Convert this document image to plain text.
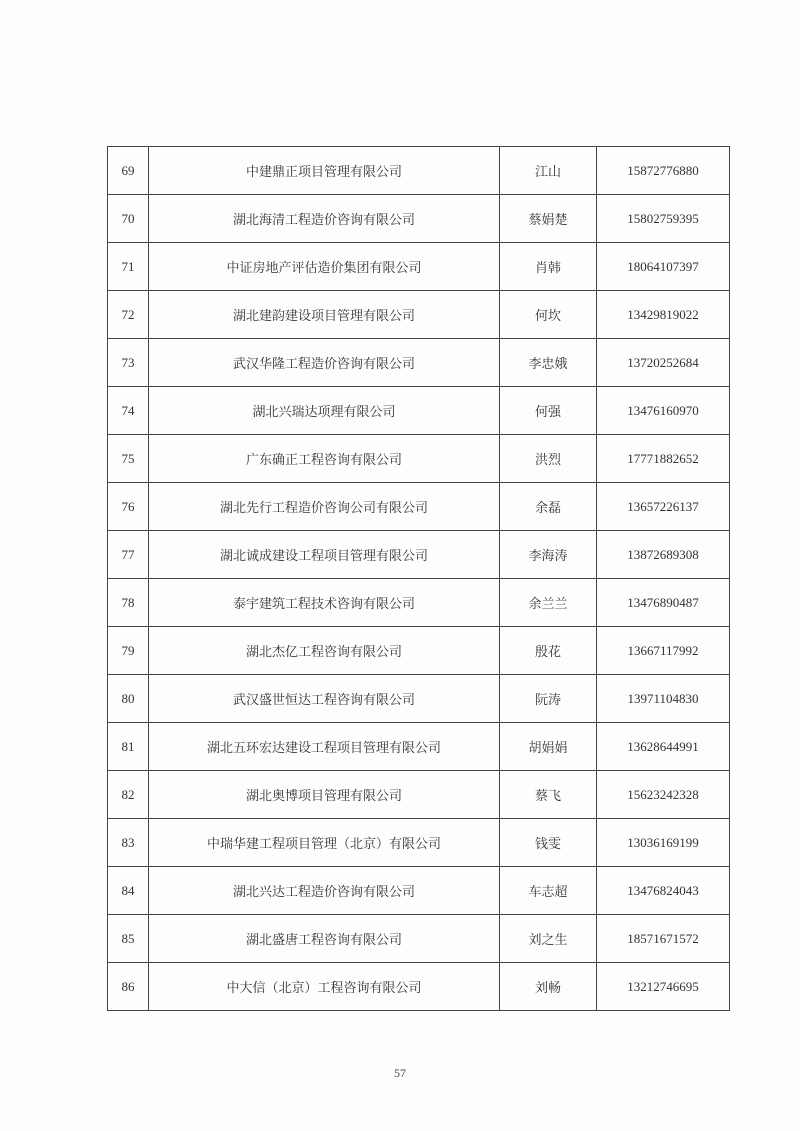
69	中建鼎正项目管理有限公司	江山	15872776880
70	湖北海清工程造价咨询有限公司	蔡娟楚	15802759395
71	中证房地产评估造价集团有限公司	肖韩	18064107397
72	湖北建韵建设项目管理有限公司	何坎	13429819022
73	武汉华隆工程造价咨询有限公司	李忠娥	13720252684
74	湖北兴瑞达项理有限公司	何强	13476160970
75	广东确正工程咨询有限公司	洪烈	17771882652
76	湖北先行工程造价咨询公司有限公司	余磊	13657226137
77	湖北诚成建设工程项目管理有限公司	李海涛	13872689308
78	泰宇建筑工程技术咨询有限公司	余兰兰	13476890487
79	湖北杰亿工程咨询有限公司	殷花	13667117992
80	武汉盛世恒达工程咨询有限公司	阮涛	13971104830
81	湖北五环宏达建设工程项目管理有限公司	胡娟娟	13628644991
82	湖北奥博项目管理有限公司	蔡飞	15623242328
83	中瑞华建工程项目管理（北京）有限公司	钱雯	13036169199
84	湖北兴达工程造价咨询有限公司	车志超	13476824043
85	湖北盛唐工程咨询有限公司	刘之生	18571671572
86	中大信（北京）工程咨询有限公司	刘畅	13212746695
57
